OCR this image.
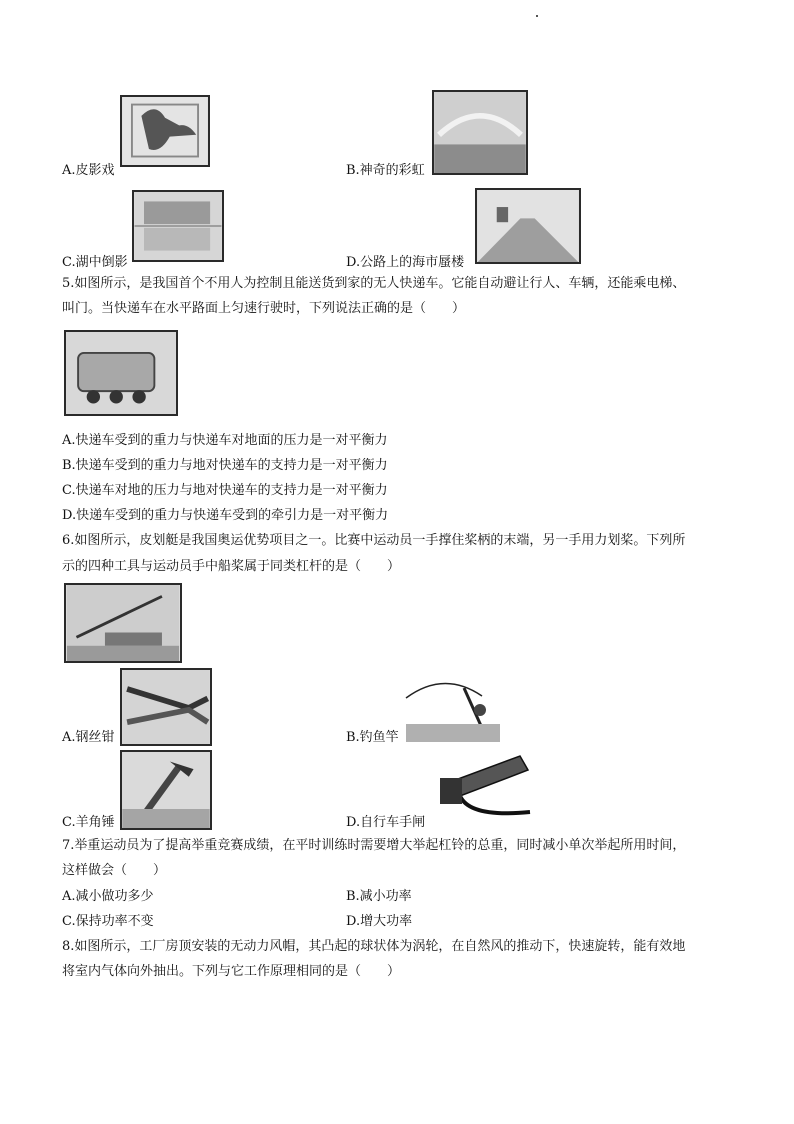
A.皮影戏	B.神奇的彩虹
C.湖中倒影	D.公路上的海市蜃楼
5.如图所示，是我国首个不用人为控制且能送货到家的无人快递车。它能自动避让行人、车辆，还能乘电梯、
叫门。当快递车在水平路面上匀速行驶时，下列说法正确的是（　　）
A.快递车受到的重力与快递车对地面的压力是一对平衡力
B.快递车受到的重力与地对快递车的支持力是一对平衡力
C.快递车对地的压力与地对快递车的支持力是一对平衡力
D.快递车受到的重力与快递车受到的牵引力是一对平衡力
6.如图所示，皮划艇是我国奥运优势项目之一。比赛中运动员一手撑住桨柄的末端，另一手用力划桨。下列所
示的四种工具与运动员手中船桨属于同类杠杆的是（　　）
A.钢丝钳	B.钓鱼竿
C.羊角锤	D.自行车手闸
7.举重运动员为了提高举重竞赛成绩，在平时训练时需要增大举起杠铃的总重，同时减小单次举起所用时间，
这样做会（　　）
A.减小做功多少	B.减小功率
C.保持功率不变	D.增大功率
8.如图所示，工厂房顶安装的无动力风帽，其凸起的球状体为涡轮，在自然风的推动下，快速旋转，能有效地
将室内气体向外抽出。下列与它工作原理相同的是（　　）
